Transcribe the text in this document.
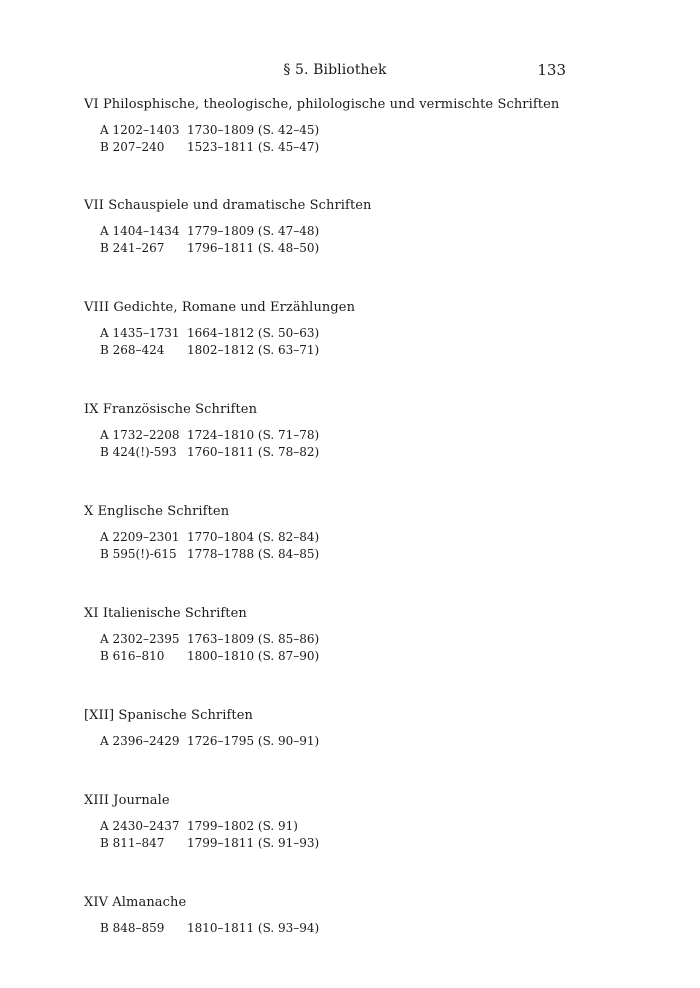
§ 5. Bibliothek	133
VI Philosphische, theologische, philologische und vermischte Schriften
A 1202–1403 1730–1809 (S. 42–45)
B 207–240 1523–1811 (S. 45–47)
VII Schauspiele und dramatische Schriften
A 1404–1434 1779–1809 (S. 47–48)
B 241–267 1796–1811 (S. 48–50)
VIII Gedichte, Romane und Erzählungen
A 1435–1731 1664–1812 (S. 50–63)
B 268–424 1802–1812 (S. 63–71)
IX Französische Schriften
A 1732–2208 1724–1810 (S. 71–78)
B 424(!)-593 1760–1811 (S. 78–82)
X Englische Schriften
A 2209–2301 1770–1804 (S. 82–84)
B 595(!)-615 1778–1788 (S. 84–85)
XI Italienische Schriften
A 2302–2395 1763–1809 (S. 85–86)
B 616–810 1800–1810 (S. 87–90)
[XII] Spanische Schriften
A 2396–2429 1726–1795 (S. 90–91)
XIII Journale
A 2430–2437 1799–1802 (S. 91)
B 811–847 1799–1811 (S. 91–93)
XIV Almanache
B 848–859 1810–1811 (S. 93–94)
